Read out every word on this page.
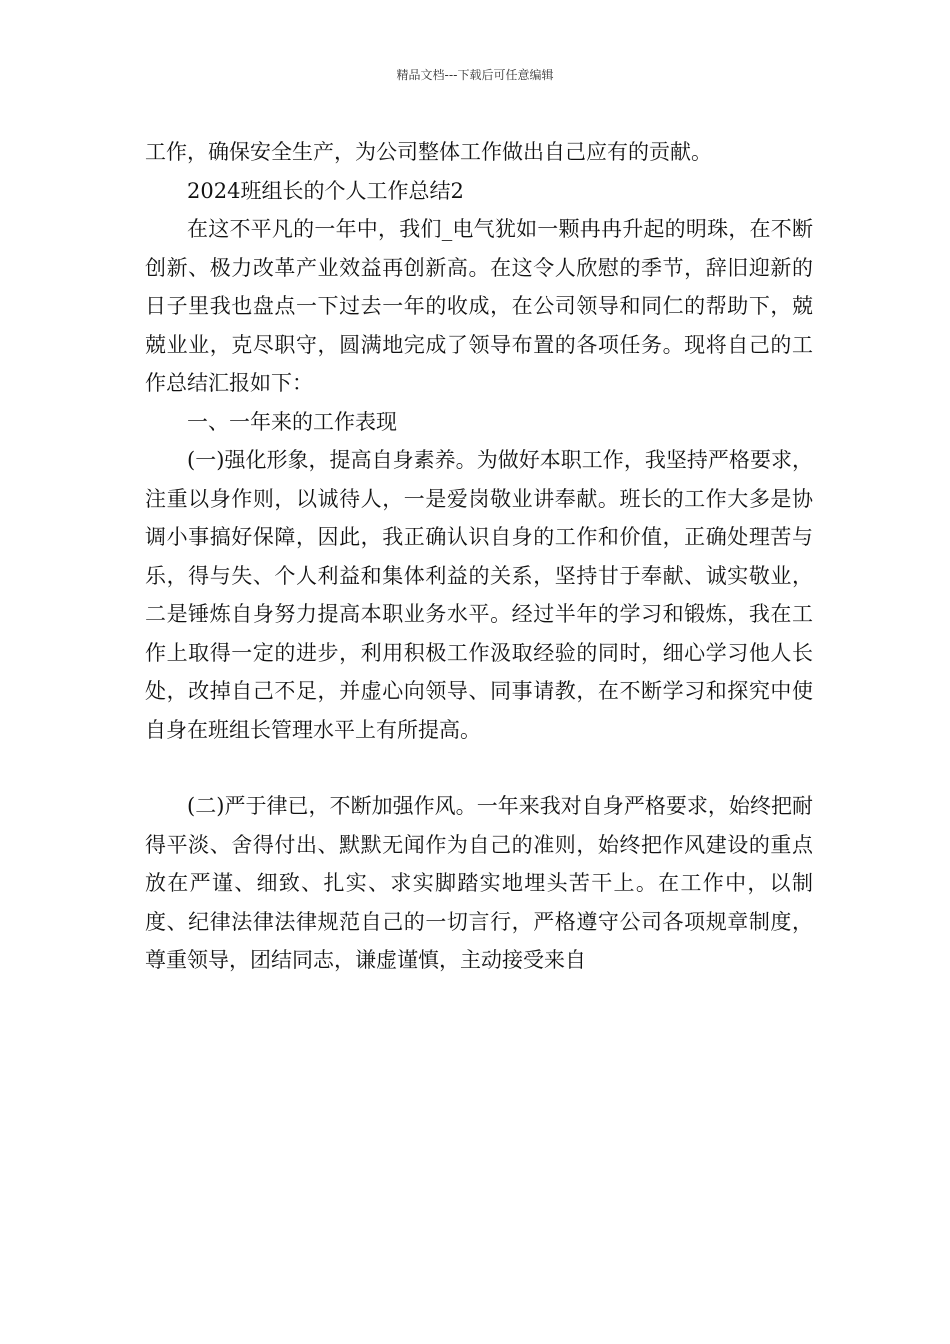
精品文档---下载后可任意编辑

工作，确保安全生产，为公司整体工作做出自己应有的贡献。

2024班组长的个人工作总结2

在这不平凡的一年中，我们_电气犹如一颗冉冉升起的明珠，在不断创新、极力改革产业效益再创新高。在这令人欣慰的季节，辞旧迎新的日子里我也盘点一下过去一年的收成，在公司领导和同仁的帮助下，兢兢业业，克尽职守，圆满地完成了领导布置的各项任务。现将自己的工作总结汇报如下：

一、一年来的工作表现

(一)强化形象，提高自身素养。为做好本职工作，我坚持严格要求，注重以身作则，以诚待人，一是爱岗敬业讲奉献。班长的工作大多是协调小事搞好保障，因此，我正确认识自身的工作和价值，正确处理苦与乐，得与失、个人利益和集体利益的关系，坚持甘于奉献、诚实敬业，二是锤炼自身努力提高本职业务水平。经过半年的学习和锻炼，我在工作上取得一定的进步，利用积极工作汲取经验的同时，细心学习他人长处，改掉自己不足，并虚心向领导、同事请教，在不断学习和探究中使自身在班组长管理水平上有所提高。

(二)严于律已，不断加强作风。一年来我对自身严格要求，始终把耐得平淡、舍得付出、默默无闻作为自己的准则，始终把作风建设的重点放在严谨、细致、扎实、求实脚踏实地埋头苦干上。在工作中，以制度、纪律法律法律规范自己的一切言行，严格遵守公司各项规章制度，尊重领导，团结同志，谦虚谨慎，主动接受来自
